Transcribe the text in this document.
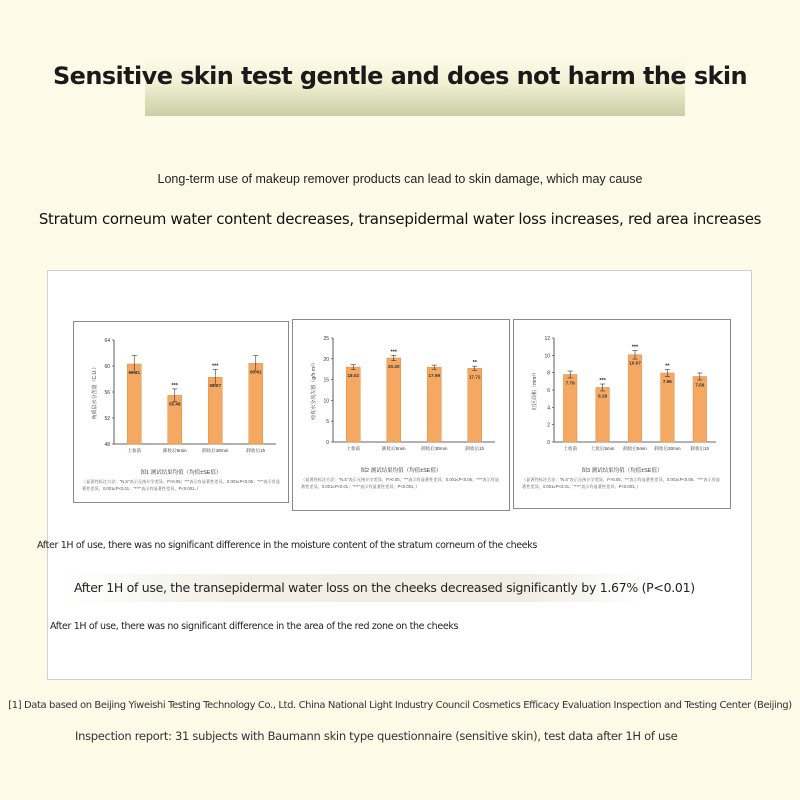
Sensitive skin test gentle and does not harm the skin
Long-term use of makeup remover products can lead to skin damage, which may cause
Stratum corneum water content decreases, transepidermal water loss increases, red area increases
48
52
56
60
64
角质层水分含量（C.U.）	60.31
上妆前
***
55.48
卸妆后5min
***
58.27
卸妆后30min
60.41
卸妆后1h
图1 测试结果均值（均值±SE值）
（显著性标注方法：“N.S”表示无统计学差异，P>0.05；“*”表示有显著性差异，0.001≤P<0.05；“**”表示有显著性差异，0.001≤P<0.01；“***”表示有显著性差异，P<0.001。）
0
5
10
15
20
25
经皮水分流失值（g/h·m²）	18.02
上妆前
***
20.20
卸妆后5min
17.99
卸妆后30min
**
17.72
卸妆后1h
图2 测试结果均值（均值±SE值）
（显著性标注方法：“N.S”表示无统计学差异，P>0.05；“*”表示有显著性差异，0.001≤P<0.05；“**”表示有显著性差异，0.001≤P<0.01；“***”表示有显著性差异，P<0.001。）
0
2
4
6
8
10
12
红区面积（mm²）	7.79
上妆前
***
6.29
上妆后5min
***
10.07
卸妆后5min
**
7.96
卸妆后30min
7.56
卸妆后1h
图3 测试结果均值（均值±SE值）
（显著性标注方法：“N.S”表示无统计学差异，P>0.05；“*”表示有显著性差异，0.001≤P<0.05；“**”表示有显著性差异，0.001≤P<0.01；“***”表示有显著性差异，P<0.001。）
After 1H of use, there was no significant difference in the moisture content of the stratum corneum of the cheeks
After 1H of use, the transepidermal water loss on the cheeks decreased significantly by 1.67% (P<0.01)
After 1H of use, there was no significant difference in the area of the red zone on the cheeks
[1] Data based on Beijing Yiweishi Testing Technology Co., Ltd. China National Light Industry Council Cosmetics Efficacy Evaluation Inspection and Testing Center (Beijing)
Inspection report: 31 subjects with Baumann skin type questionnaire (sensitive skin), test data after 1H of use
